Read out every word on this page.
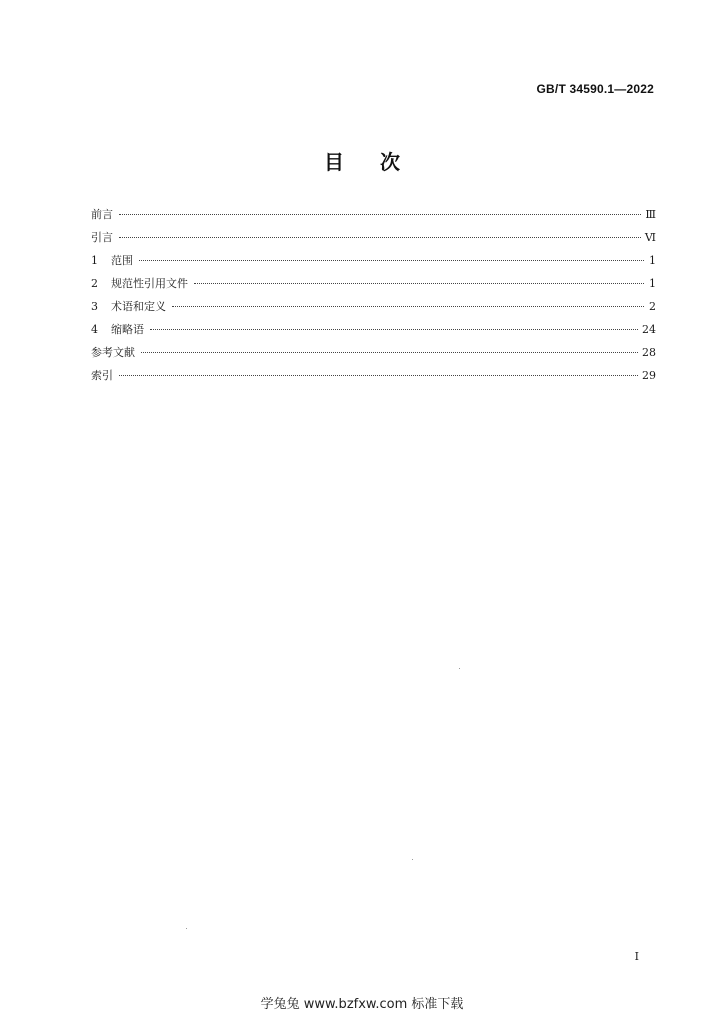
GB/T 34590.1—2022
目次
前言	Ⅲ
引言	Ⅵ
1 范围	1
2 规范性引用文件	1
3 术语和定义	2
4 缩略语	24
参考文献	28
索引	29
Ⅰ
学兔兔 www.bzfxw.com 标准下载
